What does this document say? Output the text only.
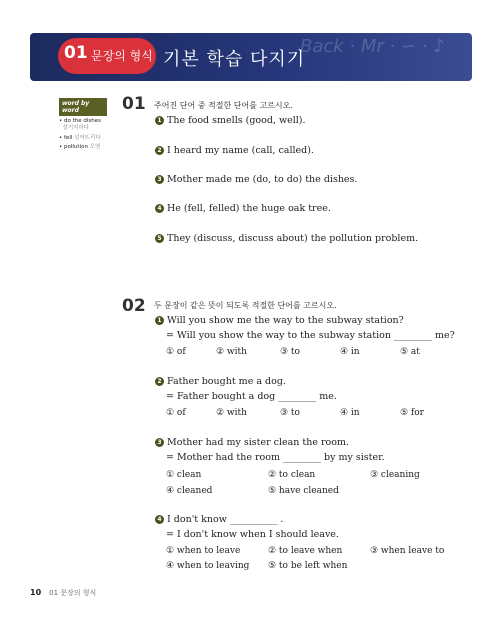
Back · Mr · ∽ · ♪
01 문장의 형식 기본 학습 다지기
word by word
• do the dishes
설거지하다
• fell 넘어뜨리다
• pollution 오염
01 주어진 단어 중 적절한 단어를 고르시오.
1 The food smells (good, well).
2 I heard my name (call, called).
3 Mother made me (do, to do) the dishes.
4 He (fell, felled) the huge oak tree.
5 They (discuss, discuss about) the pollution problem.
02 두 문장이 같은 뜻이 되도록 적절한 단어를 고르시오.
1 Will you show me the way to the subway station?
= Will you show the way to the subway station ________ me?
① of	② with	③ to	④ in	⑤ at
2 Father bought me a dog.
= Father bought a dog ________ me.
① of	② with	③ to	④ in	⑤ for
3 Mother had my sister clean the room.
= Mother had the room ________ by my sister.
① clean	② to clean	③ cleaning
④ cleaned	⑤ have cleaned
4 I don't know __________ .
= I don't know when I should leave.
① when to leave	② to leave when	③ when leave to
④ when to leaving ⑤ to be left when
10 01 문장의 형식
